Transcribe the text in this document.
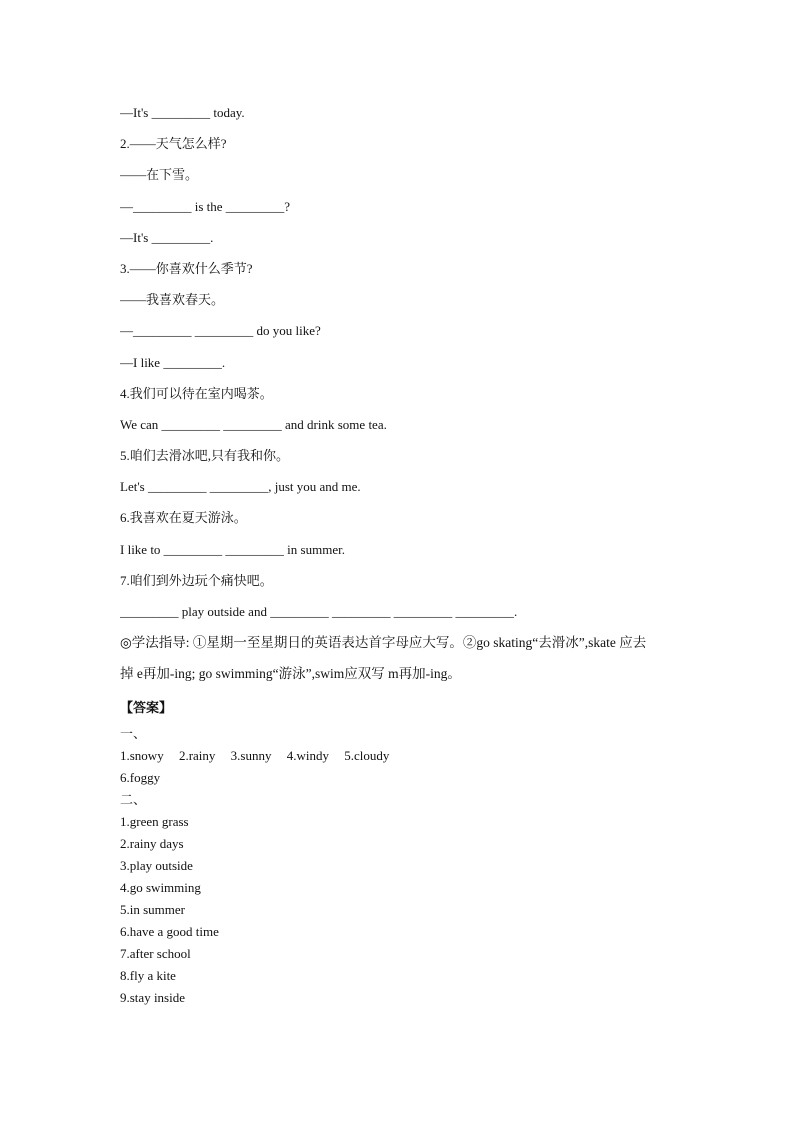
—It's _________ today.
2.——天气怎么样?
——在下雪。
—_________ is the _________?
—It's _________.
3.——你喜欢什么季节?
——我喜欢春天。
—_________ _________ do you like?
—I like _________.
4.我们可以待在室内喝茶。
We can _________ _________ and drink some tea.
5.咱们去滑冰吧,只有我和你。
Let's _________ _________, just you and me.
6.我喜欢在夏天游泳。
I like to _________ _________ in summer.
7.咱们到外边玩个痛快吧。
_________ play outside and _________ _________ _________ _________.
◎学法指导: ①星期一至星期日的英语表达首字母应大写。②go skating“去滑冰”,skate 应去
掉 e再加-ing; go swimming“游泳”,swim应双写 m再加-ing。
【答案】
一、
1.snowy 2.rainy 3.sunny 4.windy 5.cloudy
6.foggy
二、
1.green grass
2.rainy days
3.play outside
4.go swimming
5.in summer
6.have a good time
7.after school
8.fly a kite
9.stay inside
